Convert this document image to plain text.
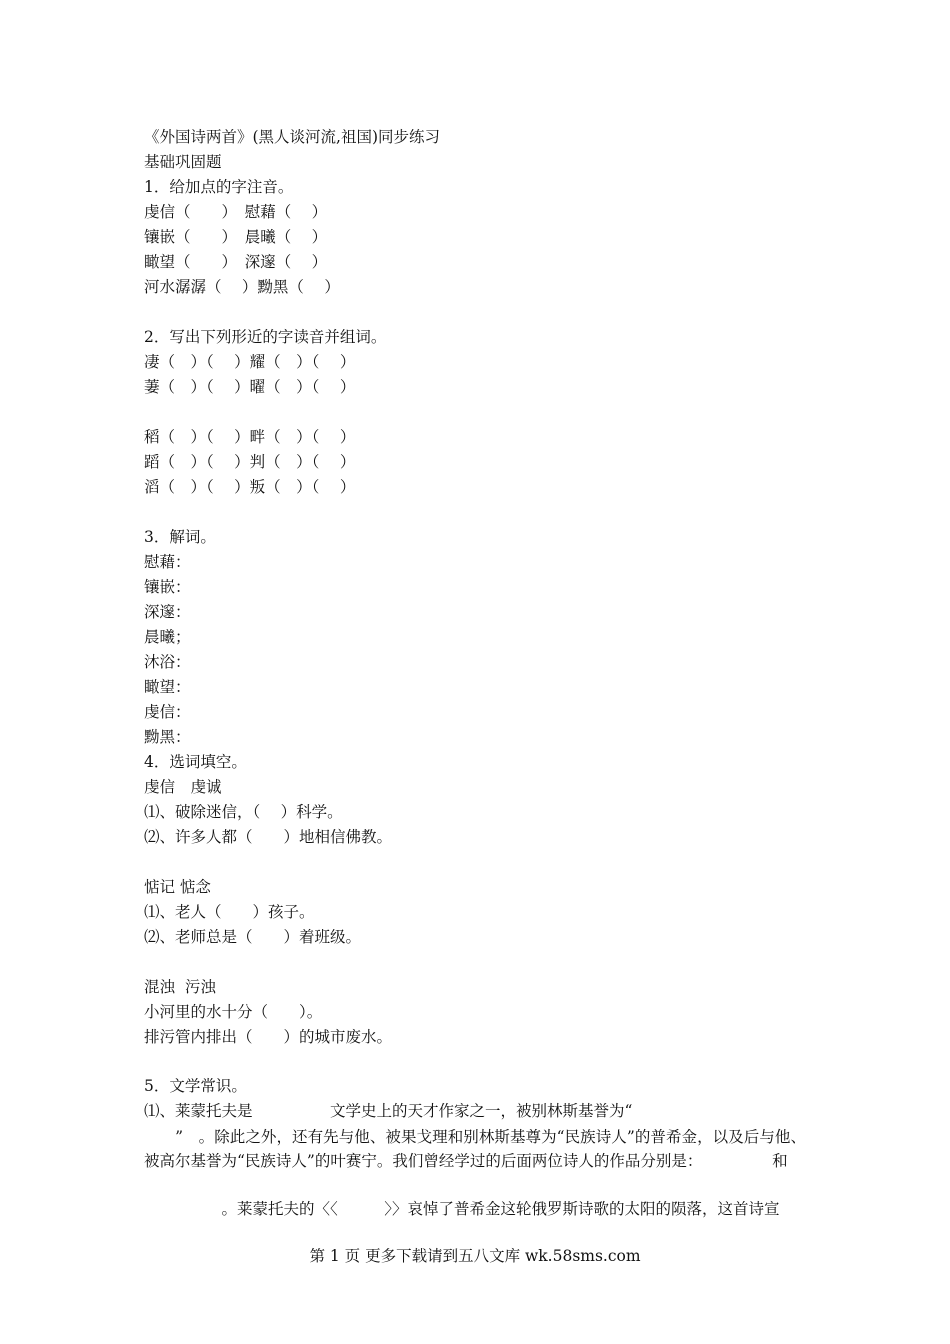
《外国诗两首》(黑人谈河流,祖国)同步练习
基础巩固题
1．给加点的字注音。
虔信（　　）　慰藉（　 ）
镶嵌（　　）　晨曦（　 ）
瞰望（　　）　深邃（　 ）
河水潺潺（　 ）黝黑（　 ）
2．写出下列形近的字读音并组词。
凄（　）（　 ）耀（　）（　 ）
萋（　）（　 ）曜（　）（　 ）
稻（　）（　 ）畔（　）（　 ）
蹈（　）（　 ）判（　）（　 ）
滔（　）（　 ）叛（　）（　 ）
3．解词。
慰藉：
镶嵌：
深邃：
晨曦；
沐浴：
瞰望：
虔信：
黝黑：
4．选词填空。
虔信　虔诚
⑴、破除迷信，（　 ）科学。
⑵、许多人都（　　）地相信佛教。
惦记 惦念
⑴、老人（　　）孩子。
⑵、老师总是（　　）着班级。
混浊  污浊
小河里的水十分（　　）。
排污管内排出（　　）的城市废水。
5．文学常识。
⑴、莱蒙托夫是　　　　　文学史上的天才作家之一，被别林斯基誉为“
　　”　。除此之外，还有先与他、被果戈理和别林斯基尊为“民族诗人”的普希金，以及后与他、被高尔基誉为“民族诗人”的叶赛宁。我们曾经学过的后面两位诗人的作品分别是：　　　　　和
　　　　　。莱蒙托夫的〈〈　　　〉〉哀悼了普希金这轮俄罗斯诗歌的太阳的陨落，这首诗宣
第 1 页 更多下载请到五八文库 wk.58sms.com
